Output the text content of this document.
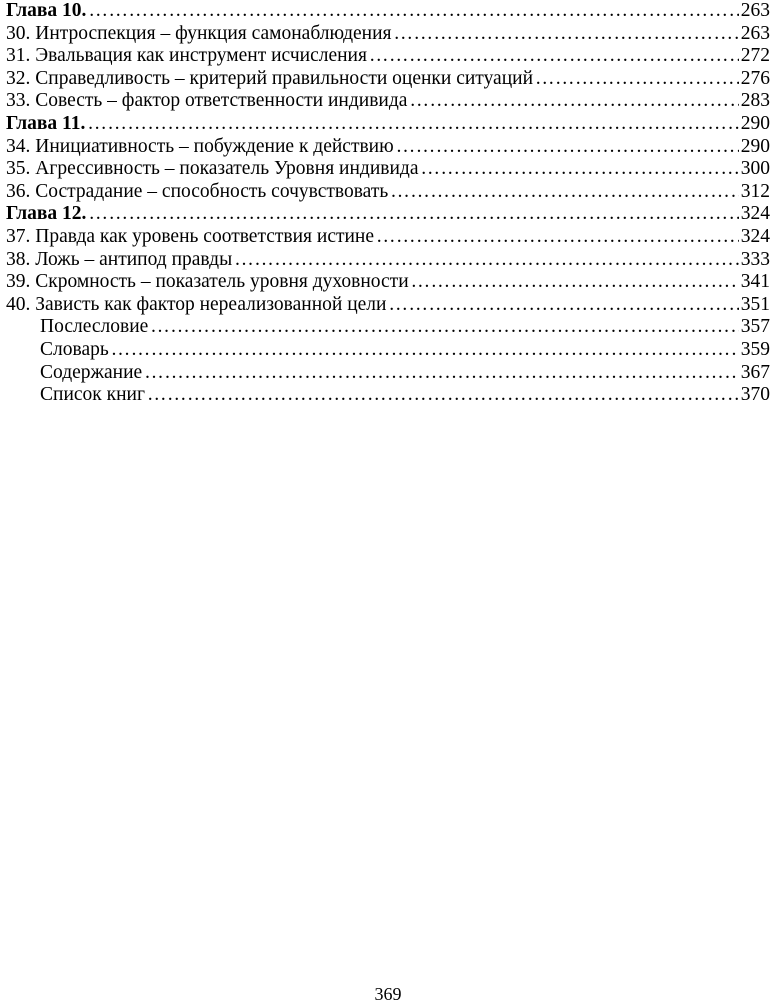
Глава 10. …………………………………………………………………………………………………………………………………………………………………………………………………………	263
30. Интроспекция – функция самонаблюдения …………………………………………………………………………………………………………………………………………………………………………………………………………	263
31. Эвальвация как инструмент исчисления …………………………………………………………………………………………………………………………………………………………………………………………………………	272
32. Справедливость – критерий правильности оценки ситуаций …………………………………………………………………………………………………………………………………………………………………………………………………………	276
33. Совесть – фактор ответственности индивида …………………………………………………………………………………………………………………………………………………………………………………………………………	283
Глава 11. …………………………………………………………………………………………………………………………………………………………………………………………………………	290
34. Инициативность – побуждение к действию …………………………………………………………………………………………………………………………………………………………………………………………………………	290
35. Агрессивность – показатель Уровня индивида …………………………………………………………………………………………………………………………………………………………………………………………………………	300
36. Сострадание – способность сочувствовать …………………………………………………………………………………………………………………………………………………………………………………………………………	312
Глава 12. …………………………………………………………………………………………………………………………………………………………………………………………………………	324
37. Правда как уровень соответствия истине …………………………………………………………………………………………………………………………………………………………………………………………………………	324
38. Ложь – антипод правды …………………………………………………………………………………………………………………………………………………………………………………………………………	333
39. Скромность – показатель уровня духовности …………………………………………………………………………………………………………………………………………………………………………………………………………	341
40. Зависть как фактор нереализованной цели …………………………………………………………………………………………………………………………………………………………………………………………………………	351
Послесловие …………………………………………………………………………………………………………………………………………………………………………………………………………	357
Словарь …………………………………………………………………………………………………………………………………………………………………………………………………………	359
Содержание …………………………………………………………………………………………………………………………………………………………………………………………………………	367
Список книг …………………………………………………………………………………………………………………………………………………………………………………………………………	370
369
